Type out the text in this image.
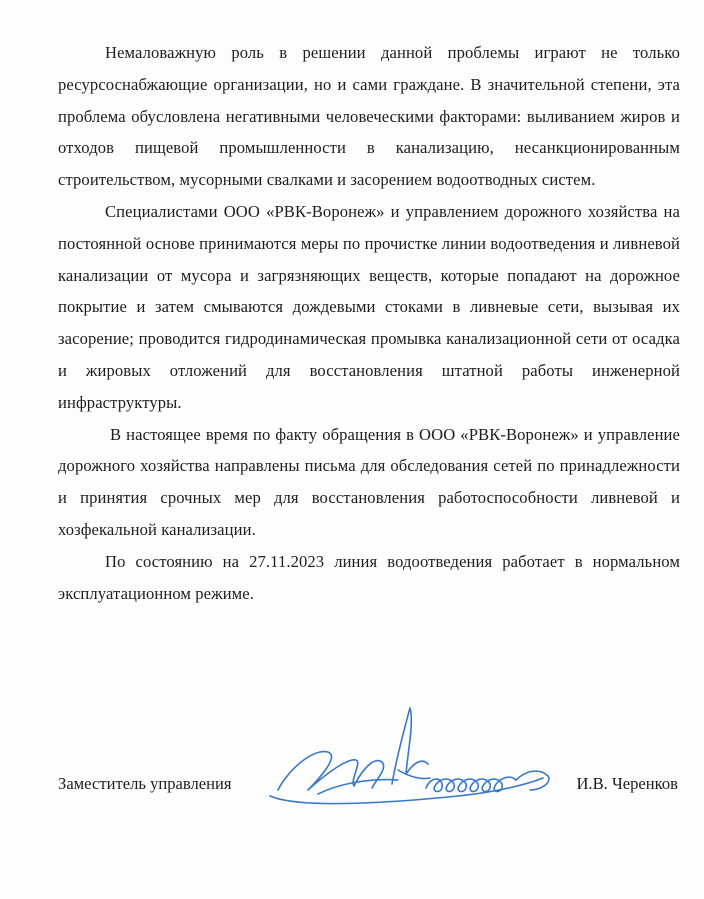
Немаловажную роль в решении данной проблемы играют не только ресурсоснабжающие организации, но и сами граждане. В значительной степени, эта проблема обусловлена негативными человеческими факторами: выливанием жиров и отходов пищевой промышленности в канализацию, несанкционированным строительством, мусорными свалками и засорением водоотводных систем.

Специалистами ООО «РВК-Воронеж» и управлением дорожного хозяйства на постоянной основе принимаются меры по прочистке линии водоотведения и ливневой канализации от мусора и загрязняющих веществ, которые попадают на дорожное покрытие и затем смываются дождевыми стоками в ливневые сети, вызывая их засорение; проводится гидродинамическая промывка канализационной сети от осадка и жировых отложений для восстановления штатной работы инженерной инфраструктуры.

В настоящее время по факту обращения в ООО «РВК-Воронеж» и управление дорожного хозяйства направлены письма для обследования сетей по принадлежности и принятия срочных мер для восстановления работоспособности ливневой и хозфекальной канализации.

По состоянию на 27.11.2023 линия водоотведения работает в нормальном эксплуатационном режиме.

Заместитель управления	И.В. Черенков
